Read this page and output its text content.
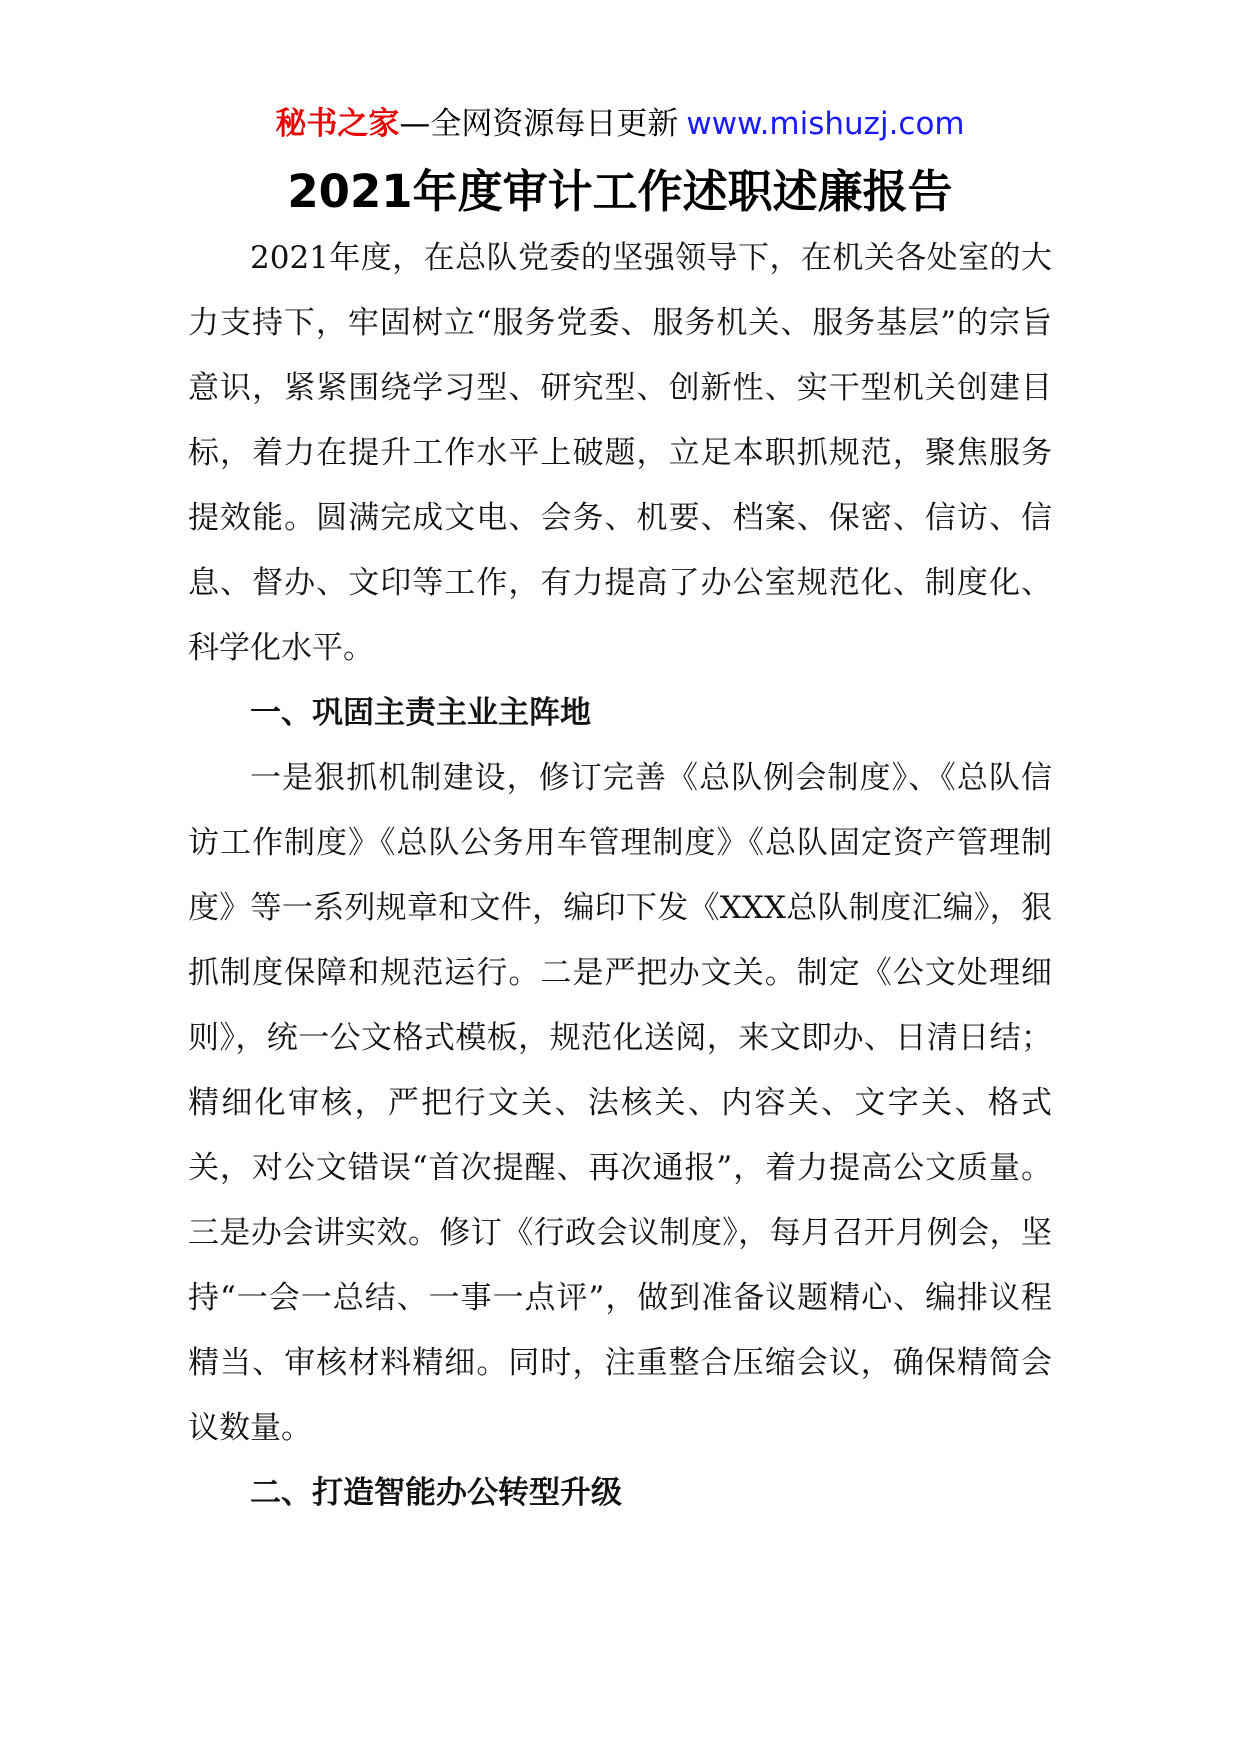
秘书之家—全网资源每日更新 www.mishuzj.com
2021年度审计工作述职述廉报告

2021年度，在总队党委的坚强领导下，在机关各处室的大力支持下，牢固树立“服务党委、服务机关、服务基层”的宗旨意识，紧紧围绕学习型、研究型、创新性、实干型机关创建目标，着力在提升工作水平上破题，立足本职抓规范，聚焦服务提效能。圆满完成文电、会务、机要、档案、保密、信访、信息、督办、文印等工作，有力提高了办公室规范化、制度化、科学化水平。

一、巩固主责主业主阵地

一是狠抓机制建设，修订完善《总队例会制度》、《总队信访工作制度》《总队公务用车管理制度》《总队固定资产管理制度》等一系列规章和文件，编印下发《XXX总队制度汇编》，狠抓制度保障和规范运行。二是严把办文关。制定《公文处理细则》，统一公文格式模板，规范化送阅，来文即办、日清日结；精细化审核，严把行文关、法核关、内容关、文字关、格式关，对公文错误“首次提醒、再次通报”，着力提高公文质量。三是办会讲实效。修订《行政会议制度》，每月召开月例会，坚持“一会一总结、一事一点评”，做到准备议题精心、编排议程精当、审核材料精细。同时，注重整合压缩会议，确保精简会议数量。

二、打造智能办公转型升级
